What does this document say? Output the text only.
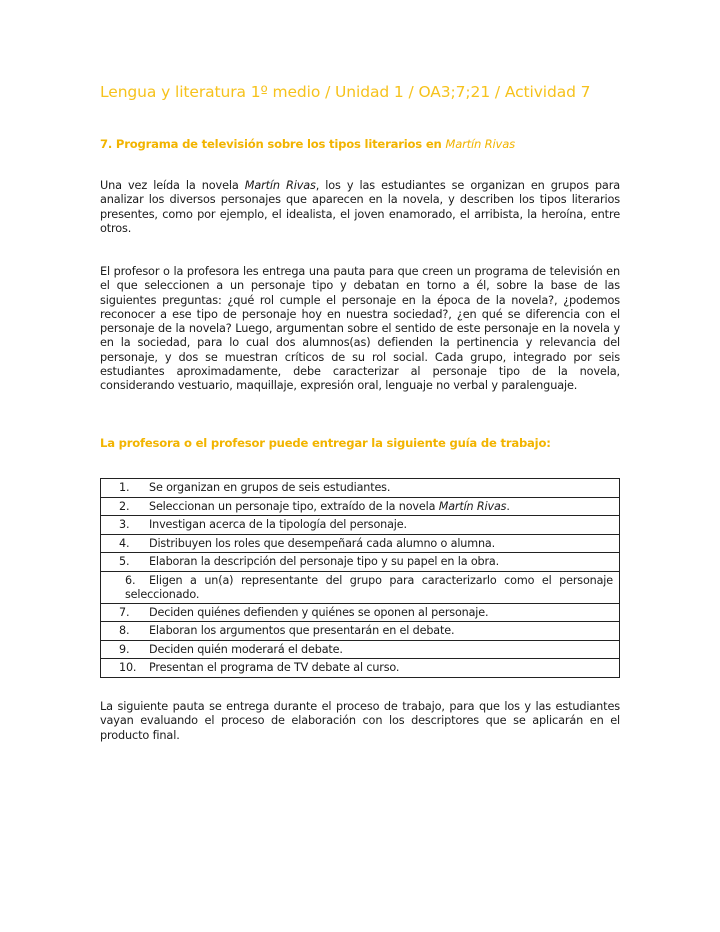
Lengua y literatura 1º medio / Unidad 1 / OA3;7;21 / Actividad 7
7. Programa de televisión sobre los tipos literarios en Martín Rivas
Una vez leída la novela Martín Rivas, los y las estudiantes se organizan en grupos para analizar los diversos personajes que aparecen en la novela, y describen los tipos literarios presentes, como por ejemplo, el idealista, el joven enamorado, el arribista, la heroína, entre otros.
El profesor o la profesora les entrega una pauta para que creen un programa de televisión en el que seleccionen a un personaje tipo y debatan en torno a él, sobre la base de las siguientes preguntas: ¿qué rol cumple el personaje en la época de la novela?, ¿podemos reconocer a ese tipo de personaje hoy en nuestra sociedad?, ¿en qué se diferencia con el personaje de la novela? Luego, argumentan sobre el sentido de este personaje en la novela y en la sociedad, para lo cual dos alumnos(as) defienden la pertinencia y relevancia del personaje, y dos se muestran críticos de su rol social. Cada grupo, integrado por seis estudiantes aproximadamente, debe caracterizar al personaje tipo de la novela, considerando vestuario, maquillaje, expresión oral, lenguaje no verbal y paralenguaje.
La profesora o el profesor puede entregar la siguiente guía de trabajo:
1. Se organizan en grupos de seis estudiantes.

2. Seleccionan un personaje tipo, extraído de la novela Martín Rivas.

3. Investigan acerca de la tipología del personaje.

4. Distribuyen los roles que desempeñará cada alumno o alumna.

5. Elaboran la descripción del personaje tipo y su papel en la obra.

6. Eligen a un(a) representante del grupo para caracterizarlo como el personaje seleccionado.

7. Deciden quiénes defienden y quiénes se oponen al personaje.

8. Elaboran los argumentos que presentarán en el debate.

9. Deciden quién moderará el debate.

10. Presentan el programa de TV debate al curso.
La siguiente pauta se entrega durante el proceso de trabajo, para que los y las estudiantes vayan evaluando el proceso de elaboración con los descriptores que se aplicarán en el producto final.
